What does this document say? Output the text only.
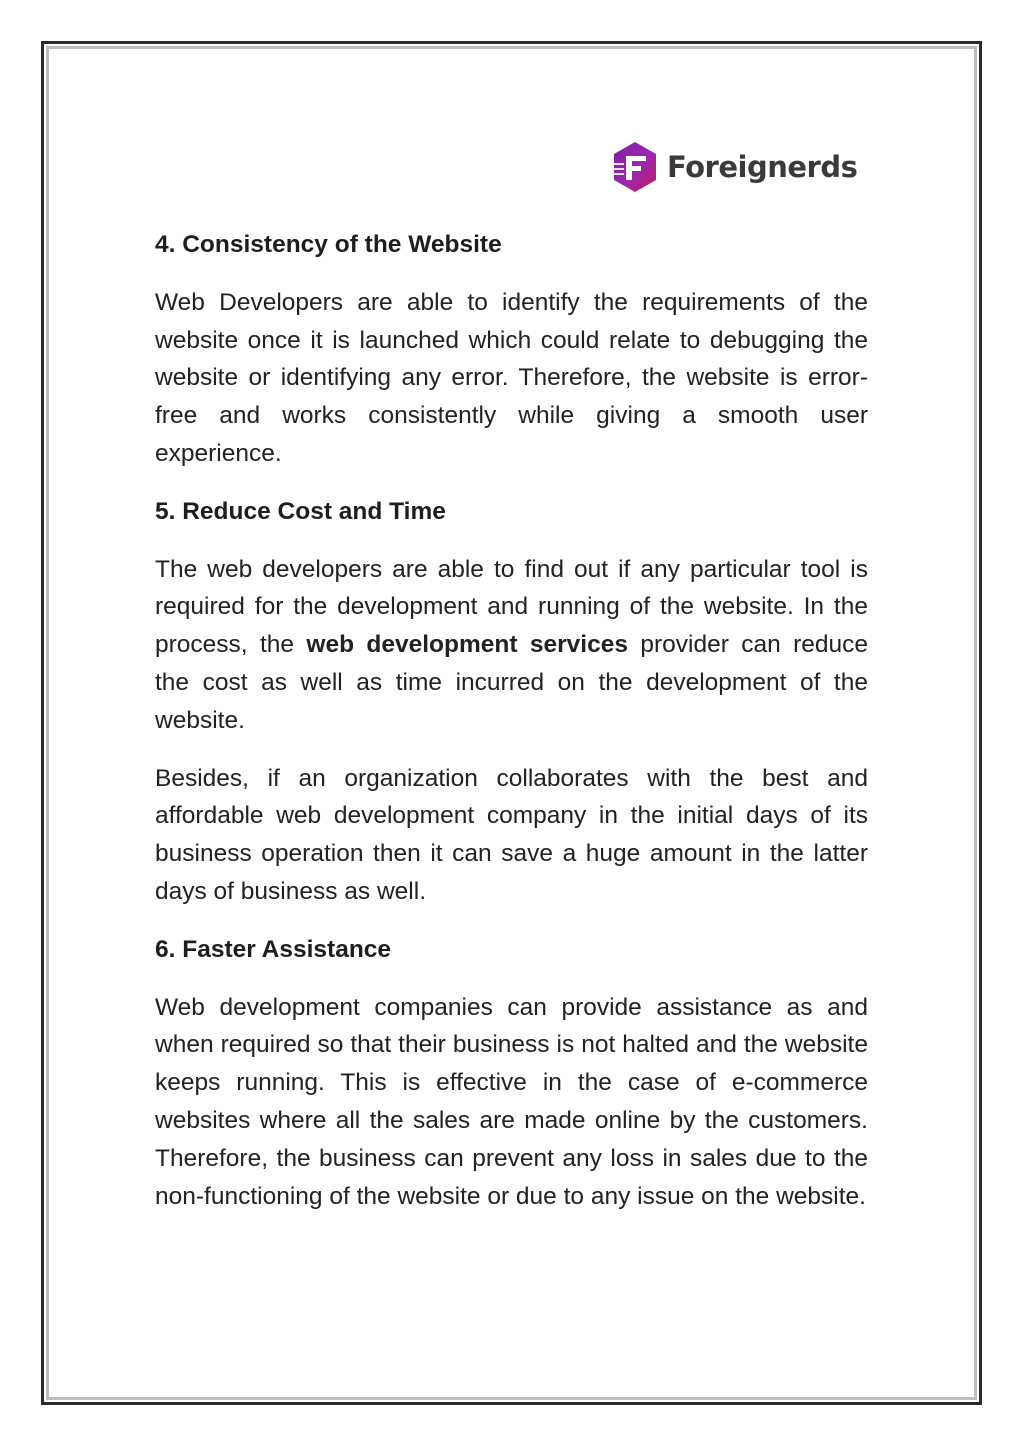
Foreignerds
4. Consistency of the Website

Web Developers are able to identify the requirements of the website once it is launched which could relate to debugging the website or identifying any error. Therefore, the website is error-free and works consistently while giving a smooth user experience.

5. Reduce Cost and Time

The web developers are able to find out if any particular tool is required for the development and running of the website. In the process, the web development services provider can reduce the cost as well as time incurred on the development of the website.

Besides, if an organization collaborates with the best and affordable web development company in the initial days of its business operation then it can save a huge amount in the latter days of business as well.

6. Faster Assistance

Web development companies can provide assistance as and when required so that their business is not halted and the website keeps running. This is effective in the case of e-commerce websites where all the sales are made online by the customers. Therefore, the business can prevent any loss in sales due to the non-functioning of the website or due to any issue on the website.
